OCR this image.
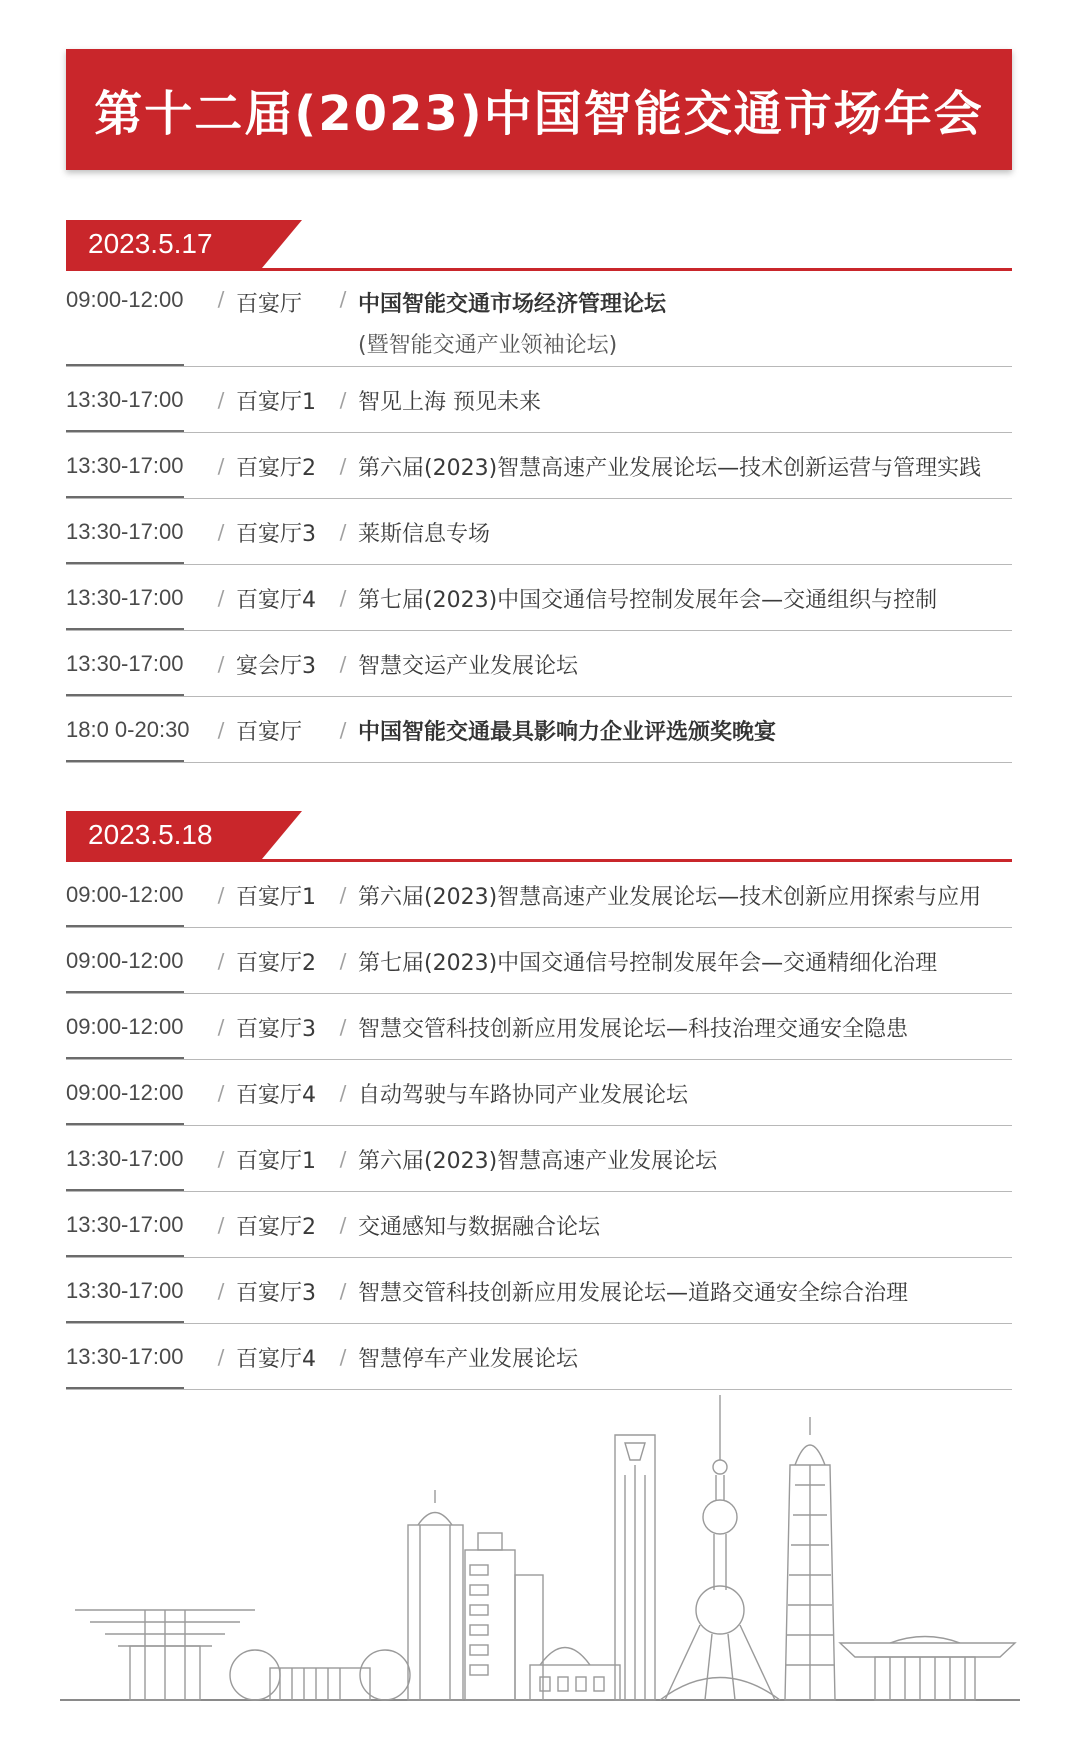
第十二届(2023)中国智能交通市场年会
2023.5.17
09:00-12:00	/ 百宴厅	/ 中国智能交通市场经济管理论坛
(暨智能交通产业领袖论坛)
13:30-17:00	/ 百宴厅1	/ 智见上海 预见未来
13:30-17:00	/ 百宴厅2	/ 第六届(2023)智慧高速产业发展论坛—技术创新运营与管理实践
13:30-17:00	/ 百宴厅3	/ 莱斯信息专场
13:30-17:00	/ 百宴厅4	/ 第七届(2023)中国交通信号控制发展年会—交通组织与控制
13:30-17:00	/ 宴会厅3	/ 智慧交运产业发展论坛
18:0 0-20:30	/ 百宴厅	/ 中国智能交通最具影响力企业评选颁奖晚宴
2023.5.18
09:00-12:00	/ 百宴厅1	/ 第六届(2023)智慧高速产业发展论坛—技术创新应用探索与应用
09:00-12:00	/ 百宴厅2	/ 第七届(2023)中国交通信号控制发展年会—交通精细化治理
09:00-12:00	/ 百宴厅3	/ 智慧交管科技创新应用发展论坛—科技治理交通安全隐患
09:00-12:00	/ 百宴厅4	/ 自动驾驶与车路协同产业发展论坛
13:30-17:00	/ 百宴厅1	/ 第六届(2023)智慧高速产业发展论坛
13:30-17:00	/ 百宴厅2	/ 交通感知与数据融合论坛
13:30-17:00	/ 百宴厅3	/ 智慧交管科技创新应用发展论坛—道路交通安全综合治理
13:30-17:00	/ 百宴厅4	/ 智慧停车产业发展论坛
